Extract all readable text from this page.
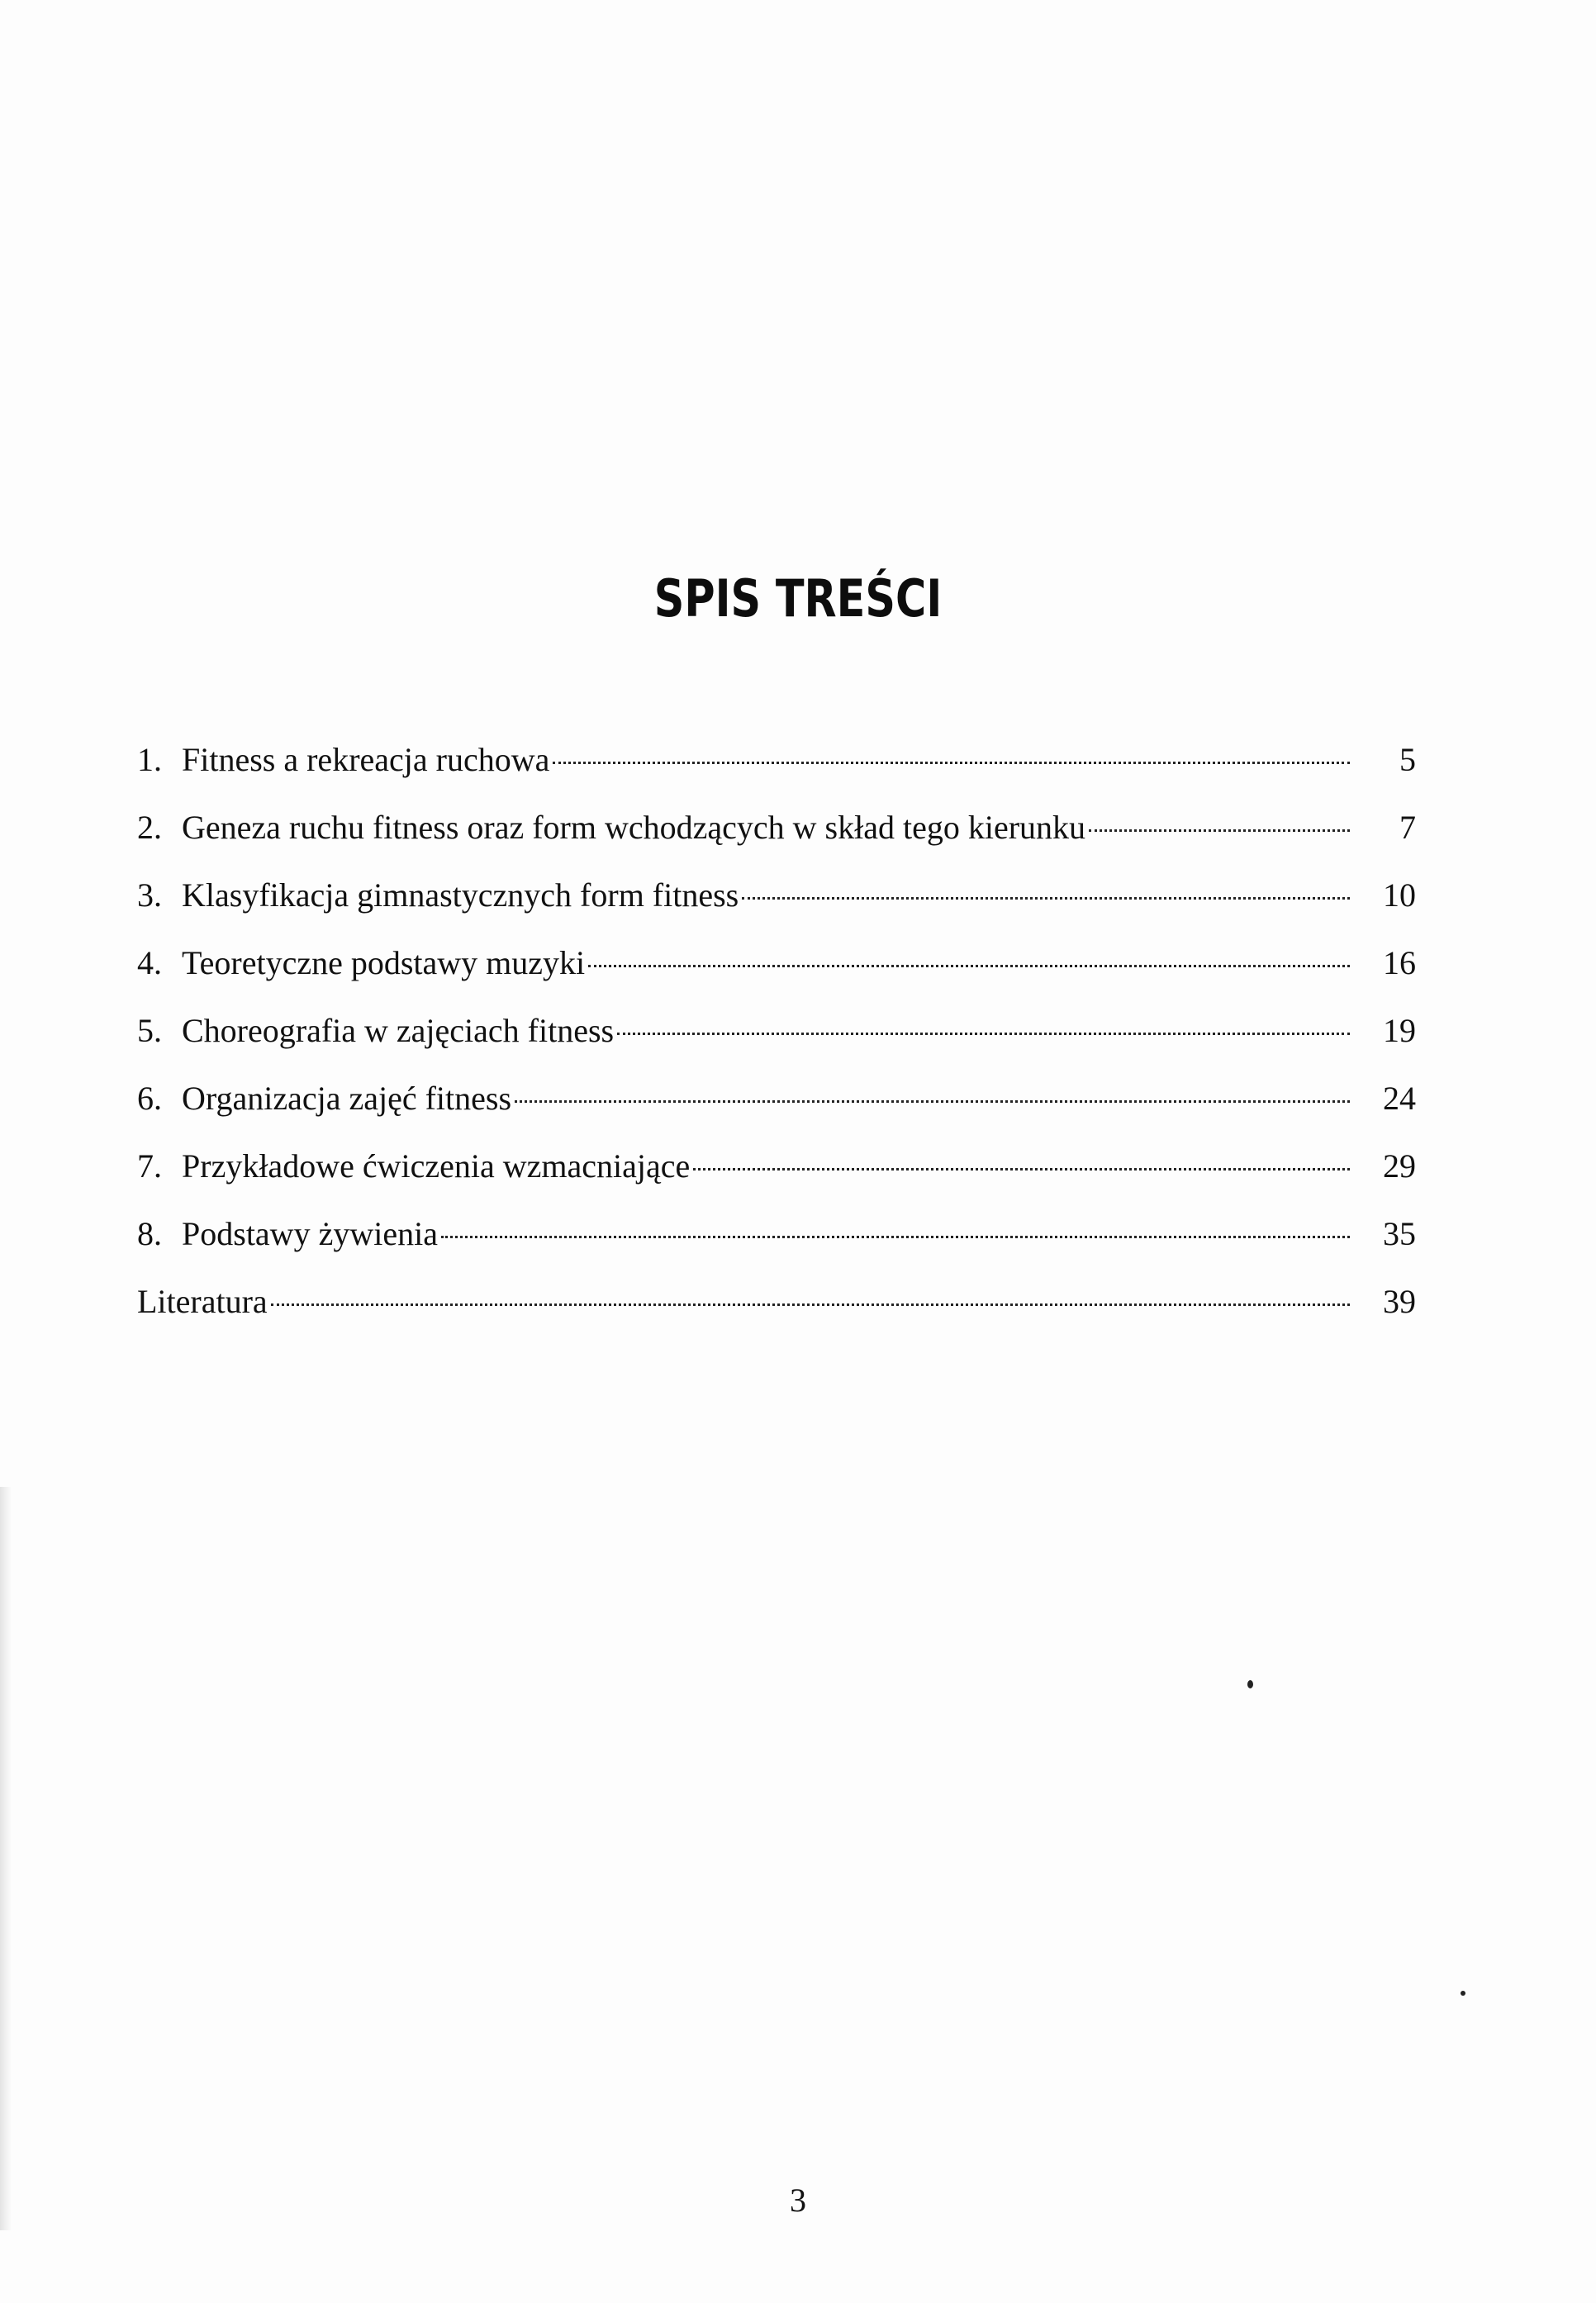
SPIS TREŚCI
1. Fitness a rekreacja ruchowa	5
2. Geneza ruchu fitness oraz form wchodzących w skład tego kierunku	7
3. Klasyfikacja gimnastycznych form fitness	10
4. Teoretyczne podstawy muzyki	16
5. Choreografia w zajęciach fitness	19
6. Organizacja zajęć fitness	24
7. Przykładowe ćwiczenia wzmacniające	29
8. Podstawy żywienia	35
Literatura	39
3
